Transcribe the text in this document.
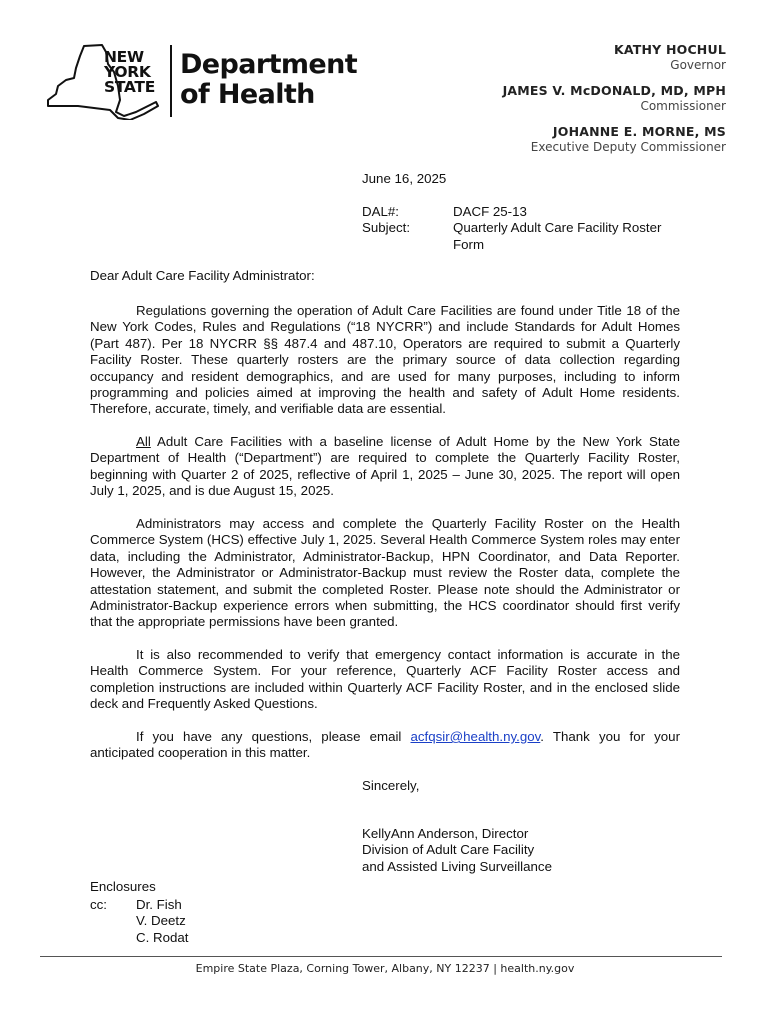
NEW
YORK
STATE
Department
of Health
KATHY HOCHUL
Governor
JAMES V. McDONALD, MD, MPH
Commissioner
JOHANNE E. MORNE, MS
Executive Deputy Commissioner
June 16, 2025
DAL#:
Subject:
DACF 25-13
Quarterly Adult Care Facility Roster Form
Dear Adult Care Facility Administrator:
Regulations governing the operation of Adult Care Facilities are found under Title 18 of the New York Codes, Rules and Regulations (“18 NYCRR”) and include Standards for Adult Homes (Part 487). Per 18 NYCRR §§ 487.4 and 487.10, Operators are required to submit a Quarterly Facility Roster. These quarterly rosters are the primary source of data collection regarding occupancy and resident demographics, and are used for many purposes, including to inform programming and policies aimed at improving the health and safety of Adult Home residents. Therefore, accurate, timely, and verifiable data are essential.
All Adult Care Facilities with a baseline license of Adult Home by the New York State Department of Health (“Department”) are required to complete the Quarterly Facility Roster, beginning with Quarter 2 of 2025, reflective of April 1, 2025 – June 30, 2025. The report will open July 1, 2025, and is due August 15, 2025.
Administrators may access and complete the Quarterly Facility Roster on the Health Commerce System (HCS) effective July 1, 2025. Several Health Commerce System roles may enter data, including the Administrator, Administrator-Backup, HPN Coordinator, and Data Reporter. However, the Administrator or Administrator-Backup must review the Roster data, complete the attestation statement, and submit the completed Roster. Please note should the Administrator or Administrator-Backup experience errors when submitting, the HCS coordinator should first verify that the appropriate permissions have been granted.
It is also recommended to verify that emergency contact information is accurate in the Health Commerce System. For your reference, Quarterly ACF Facility Roster access and completion instructions are included within Quarterly ACF Facility Roster, and in the enclosed slide deck and Frequently Asked Questions.
If you have any questions, please email acfqsir@health.ny.gov. Thank you for your anticipated cooperation in this matter.
Sincerely,
KellyAnn Anderson, Director
Division of Adult Care Facility
and Assisted Living Surveillance
Enclosures
cc: Dr. Fish
V. Deetz
C. Rodat
Empire State Plaza, Corning Tower, Albany, NY 12237 | health.ny.gov
